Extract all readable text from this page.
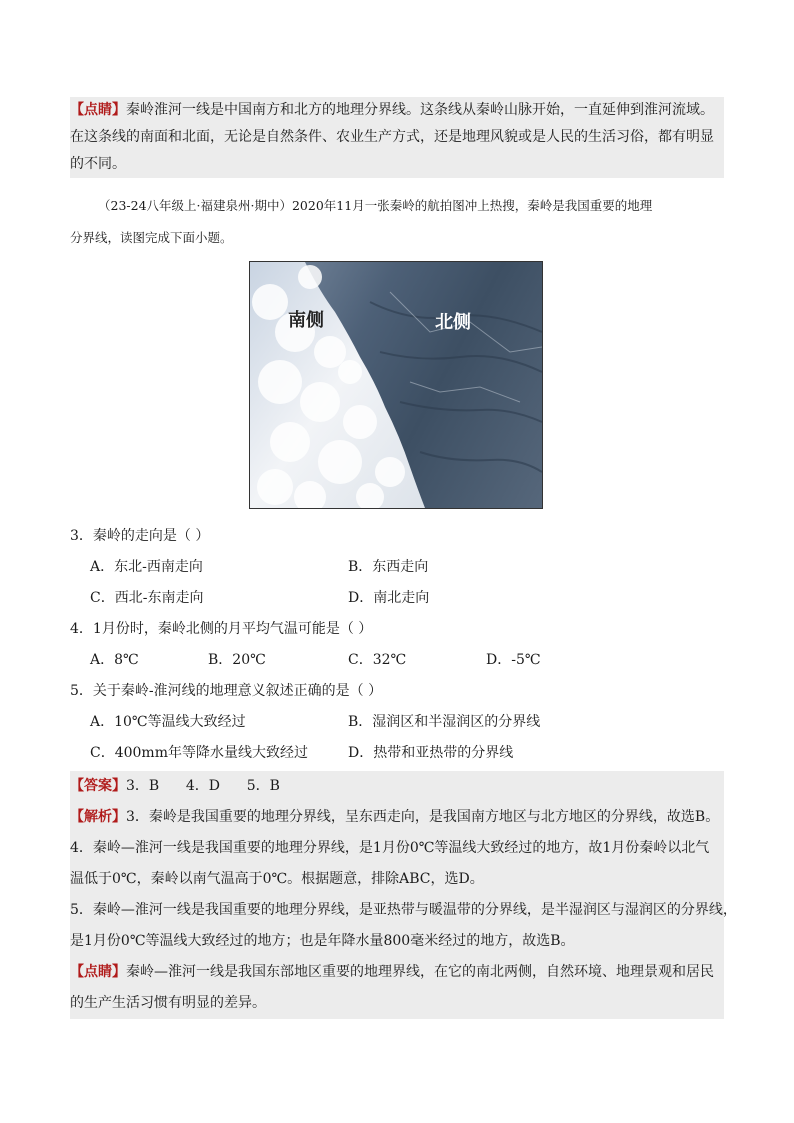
【点睛】秦岭淮河一线是中国南方和北方的地理分界线。这条线从秦岭山脉开始，一直延伸到淮河流域。
在这条线的南面和北面，无论是自然条件、农业生产方式，还是地理风貌或是人民的生活习俗，都有明显
的不同。
（23-24八年级上·福建泉州·期中）2020年11月一张秦岭的航拍图冲上热搜，秦岭是我国重要的地理
分界线，读图完成下面小题。
南侧	北侧
3．秦岭的走向是（ ）
A．东北-西南走向	B．东西走向
C．西北-东南走向	D．南北走向
4．1月份时，秦岭北侧的月平均气温可能是（ ）
A．8℃	B．20℃	C．32℃	D．-5℃
5．关于秦岭-淮河线的地理意义叙述正确的是（ ）
A．10℃等温线大致经过	B．湿润区和半湿润区的分界线
C．400mm年等降水量线大致经过	D．热带和亚热带的分界线
【答案】3．B      4．D      5．B
【解析】3．秦岭是我国重要的地理分界线，呈东西走向，是我国南方地区与北方地区的分界线，故选B。
4．秦岭—淮河一线是我国重要的地理分界线，是1月份0℃等温线大致经过的地方，故1月份秦岭以北气
温低于0℃，秦岭以南气温高于0℃。根据题意，排除ABC，选D。
5．秦岭—淮河一线是我国重要的地理分界线，是亚热带与暖温带的分界线，是半湿润区与湿润区的分界线，
是1月份0℃等温线大致经过的地方；也是年降水量800毫米经过的地方，故选B。
【点睛】秦岭—淮河一线是我国东部地区重要的地理界线，在它的南北两侧，自然环境、地理景观和居民
的生产生活习惯有明显的差异。
